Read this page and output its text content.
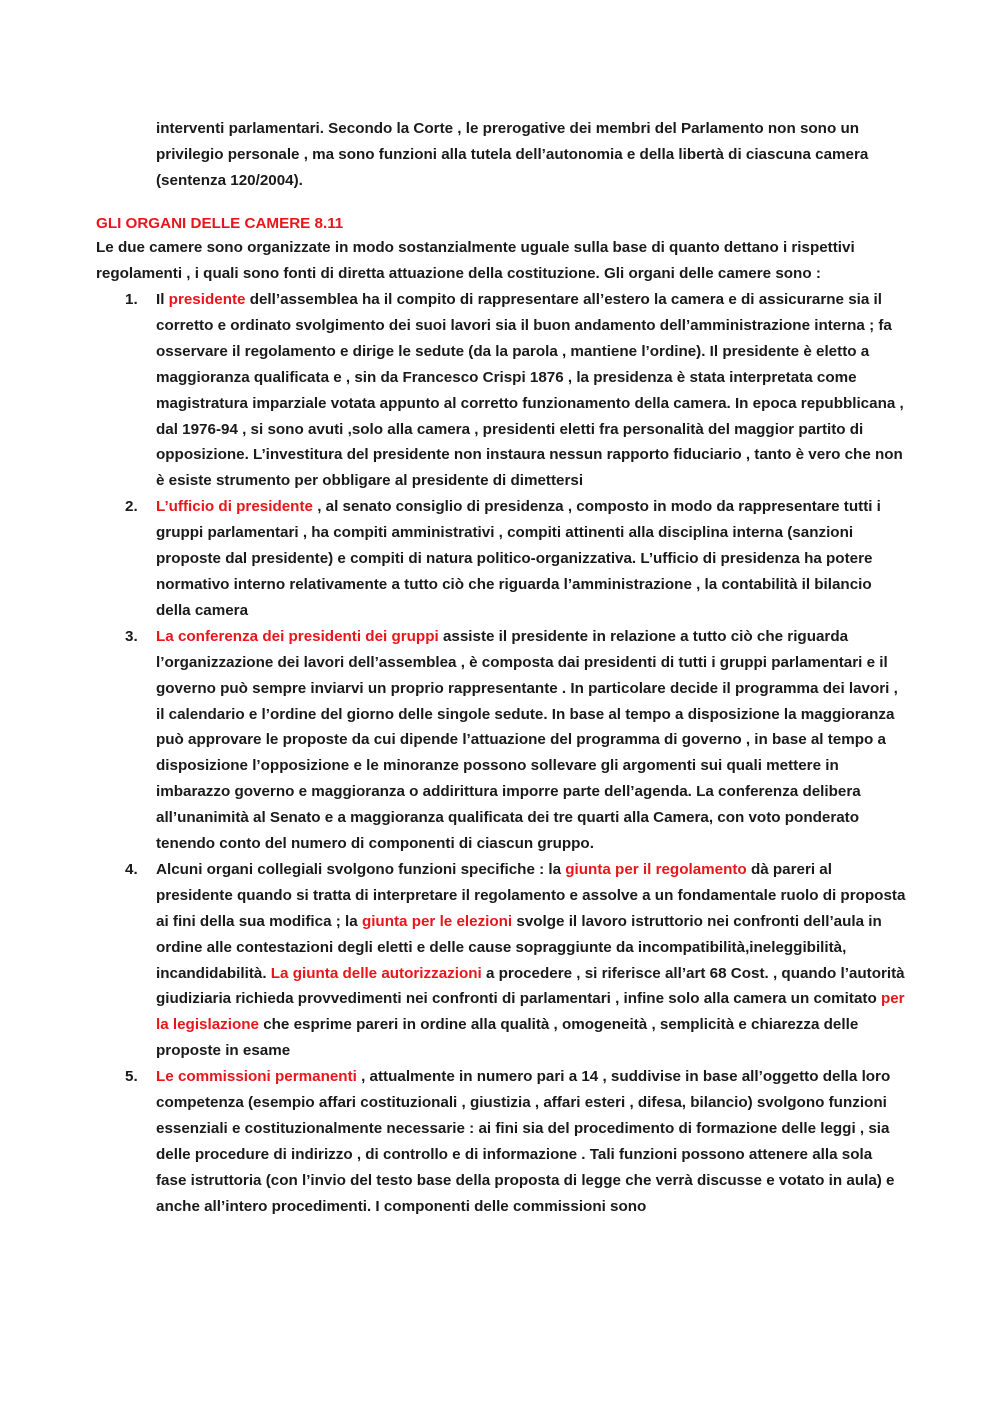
interventi parlamentari. Secondo la Corte , le prerogative dei membri del Parlamento non sono un privilegio personale , ma sono funzioni alla tutela dell’autonomia e della libertà di ciascuna camera (sentenza 120/2004).
GLI ORGANI DELLE CAMERE 8.11
Le due camere sono organizzate in modo sostanzialmente uguale sulla base di quanto dettano i rispettivi regolamenti , i quali sono fonti di diretta attuazione della costituzione. Gli organi delle camere sono :
1. Il presidente dell’assemblea ha il compito di rappresentare all’estero la camera e di assicurarne sia il corretto e ordinato svolgimento dei suoi lavori sia il buon andamento dell’amministrazione interna ; fa osservare il regolamento e dirige le sedute (da la parola , mantiene l’ordine). Il presidente è eletto a maggioranza qualificata e , sin da Francesco Crispi 1876 , la presidenza è stata interpretata come magistratura imparziale votata appunto al corretto funzionamento della camera. In epoca repubblicana , dal 1976-94 , si sono avuti ,solo alla camera , presidenti eletti fra personalità del maggior partito di opposizione. L’investitura del presidente non instaura nessun rapporto fiduciario , tanto è vero che non è esiste strumento per obbligare al presidente di dimettersi
2. L’ufficio di presidente , al senato consiglio di presidenza , composto in modo da rappresentare tutti i gruppi parlamentari , ha compiti amministrativi , compiti attinenti alla disciplina interna (sanzioni proposte dal presidente) e compiti di natura politico-organizzativa. L’ufficio di presidenza ha potere normativo interno relativamente a tutto ciò che riguarda l’amministrazione , la contabilità il bilancio della camera
3. La conferenza dei presidenti dei gruppi assiste il presidente in relazione a tutto ciò che riguarda l’organizzazione dei lavori dell’assemblea , è composta dai presidenti di tutti i gruppi parlamentari e il governo può sempre inviarvi un proprio rappresentante . In particolare decide il programma dei lavori , il calendario e l’ordine del giorno delle singole sedute. In base al tempo a disposizione la maggioranza può approvare le proposte da cui dipende l’attuazione del programma di governo , in base al tempo a disposizione l’opposizione e le minoranze possono sollevare gli argomenti sui quali mettere in imbarazzo governo e maggioranza o addirittura imporre parte dell’agenda. La conferenza delibera all’unanimità al Senato e a maggioranza qualificata dei tre quarti alla Camera, con voto ponderato tenendo conto del numero di componenti di ciascun gruppo.
4. Alcuni organi collegiali svolgono funzioni specifiche : la giunta per il regolamento dà pareri al presidente quando si tratta di interpretare il regolamento e assolve a un fondamentale ruolo di proposta ai fini della sua modifica ; la giunta per le elezioni svolge il lavoro istruttorio nei confronti dell’aula in ordine alle contestazioni degli eletti e delle cause sopraggiunte da incompatibilità,ineleggibilità, incandidabilità. La giunta delle autorizzazioni a procedere , si riferisce all’art 68 Cost. , quando l’autorità giudiziaria richieda provvedimenti nei confronti di parlamentari , infine solo alla camera un comitato per la legislazione che esprime pareri in ordine alla qualità , omogeneità , semplicità e chiarezza delle proposte in esame
5. Le commissioni permanenti , attualmente in numero pari a 14 , suddivise in base all’oggetto della loro competenza (esempio affari costituzionali , giustizia , affari esteri , difesa, bilancio) svolgono funzioni essenziali e costituzionalmente necessarie : ai fini sia del procedimento di formazione delle leggi , sia delle procedure di indirizzo , di controllo e di informazione . Tali funzioni possono attenere alla sola fase istruttoria (con l’invio del testo base della proposta di legge che verrà discusse e votato in aula) e anche all’intero procedimenti. I componenti delle commissioni sono
